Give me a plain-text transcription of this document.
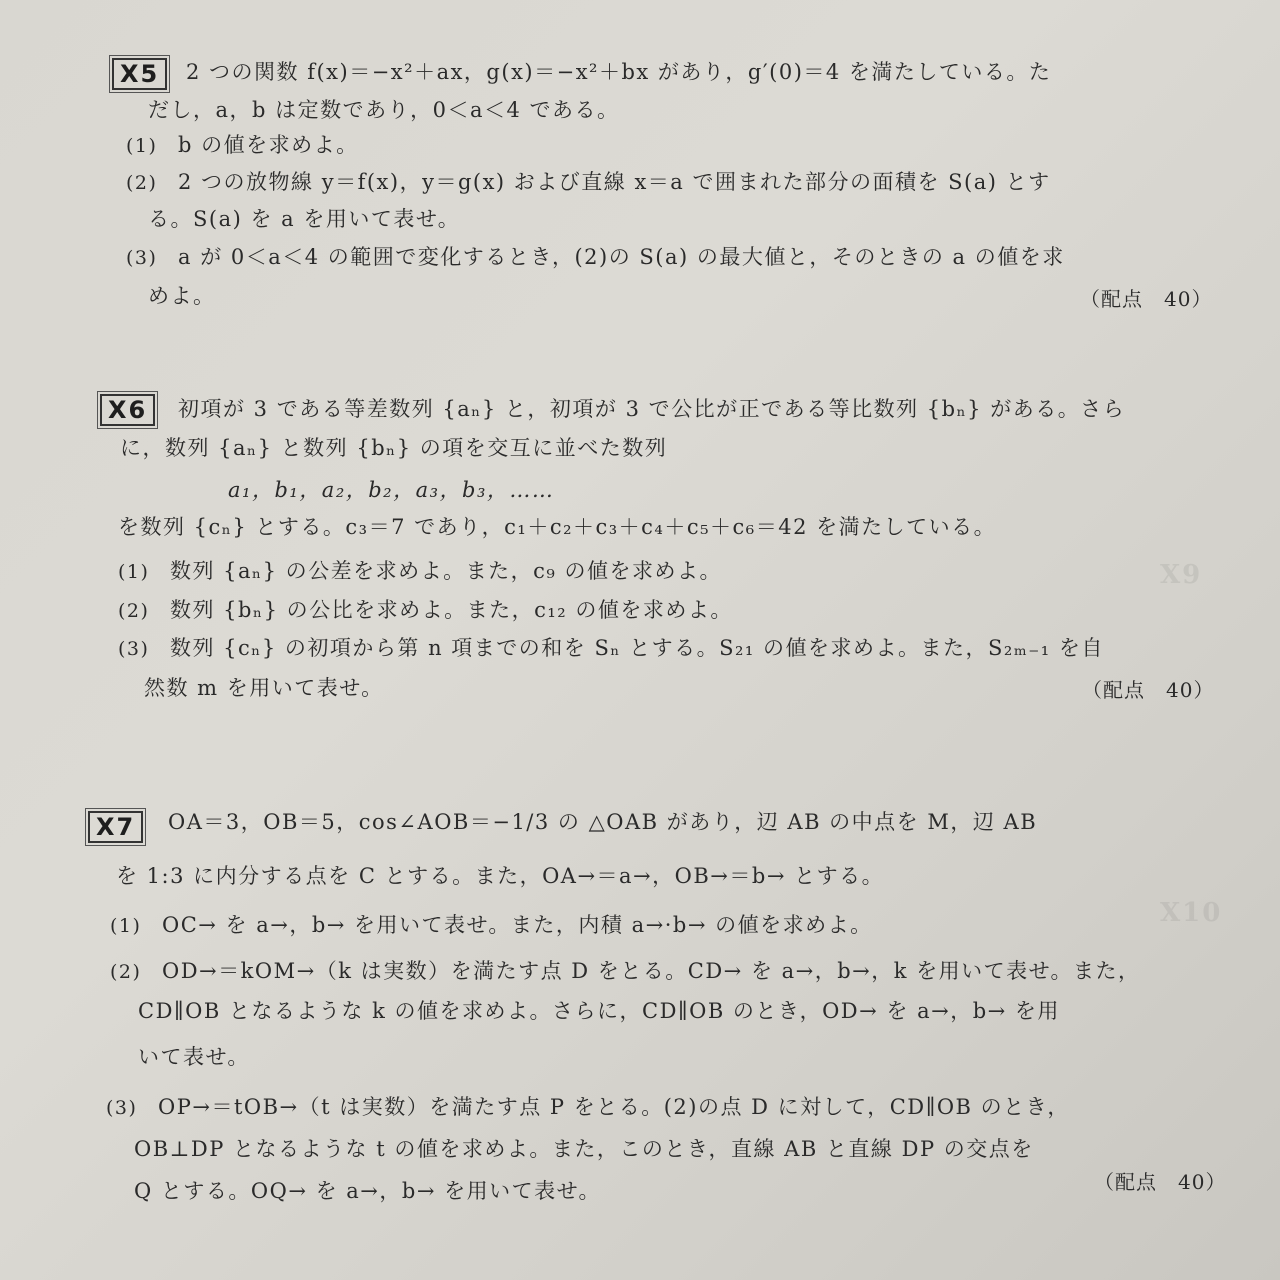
X9
X10
X5	2 つの関数 f(x)＝−x²＋ax，g(x)＝−x²＋bx があり，g′(0)＝4 を満たしている。た
だし，a，b は定数であり，0＜a＜4 である。
(1) b の値を求めよ。
(2) 2 つの放物線 y＝f(x)，y＝g(x) および直線 x＝a で囲まれた部分の面積を S(a) とす
る。S(a) を a を用いて表せ。
(3) a が 0＜a＜4 の範囲で変化するとき，(2)の S(a) の最大値と，そのときの a の値を求
めよ。	（配点　40）
X6	初項が 3 である等差数列 {aₙ} と，初項が 3 で公比が正である等比数列 {bₙ} がある。さら
に，数列 {aₙ} と数列 {bₙ} の項を交互に並べた数列
a₁，b₁，a₂，b₂，a₃，b₃，……
を数列 {cₙ} とする。c₃＝7 であり，c₁＋c₂＋c₃＋c₄＋c₅＋c₆＝42 を満たしている。
(1) 数列 {aₙ} の公差を求めよ。また，c₉ の値を求めよ。
(2) 数列 {bₙ} の公比を求めよ。また，c₁₂ の値を求めよ。
(3) 数列 {cₙ} の初項から第 n 項までの和を Sₙ とする。S₂₁ の値を求めよ。また，S₂ₘ₋₁ を自
然数 m を用いて表せ。	（配点　40）
X7	OA＝3，OB＝5，cos∠AOB＝−1/3 の △OAB があり，辺 AB の中点を M，辺 AB
を 1:3 に内分する点を C とする。また，OA→＝a→，OB→＝b→ とする。
(1) OC→ を a→，b→ を用いて表せ。また，内積 a→·b→ の値を求めよ。
(2) OD→＝kOM→（k は実数）を満たす点 D をとる。CD→ を a→，b→，k を用いて表せ。また，
CD∥OB となるような k の値を求めよ。さらに，CD∥OB のとき，OD→ を a→，b→ を用
いて表せ。
(3) OP→＝tOB→（t は実数）を満たす点 P をとる。(2)の点 D に対して，CD∥OB のとき，
OB⊥DP となるような t の値を求めよ。また，このとき，直線 AB と直線 DP の交点を
Q とする。OQ→ を a→，b→ を用いて表せ。	（配点　40）
